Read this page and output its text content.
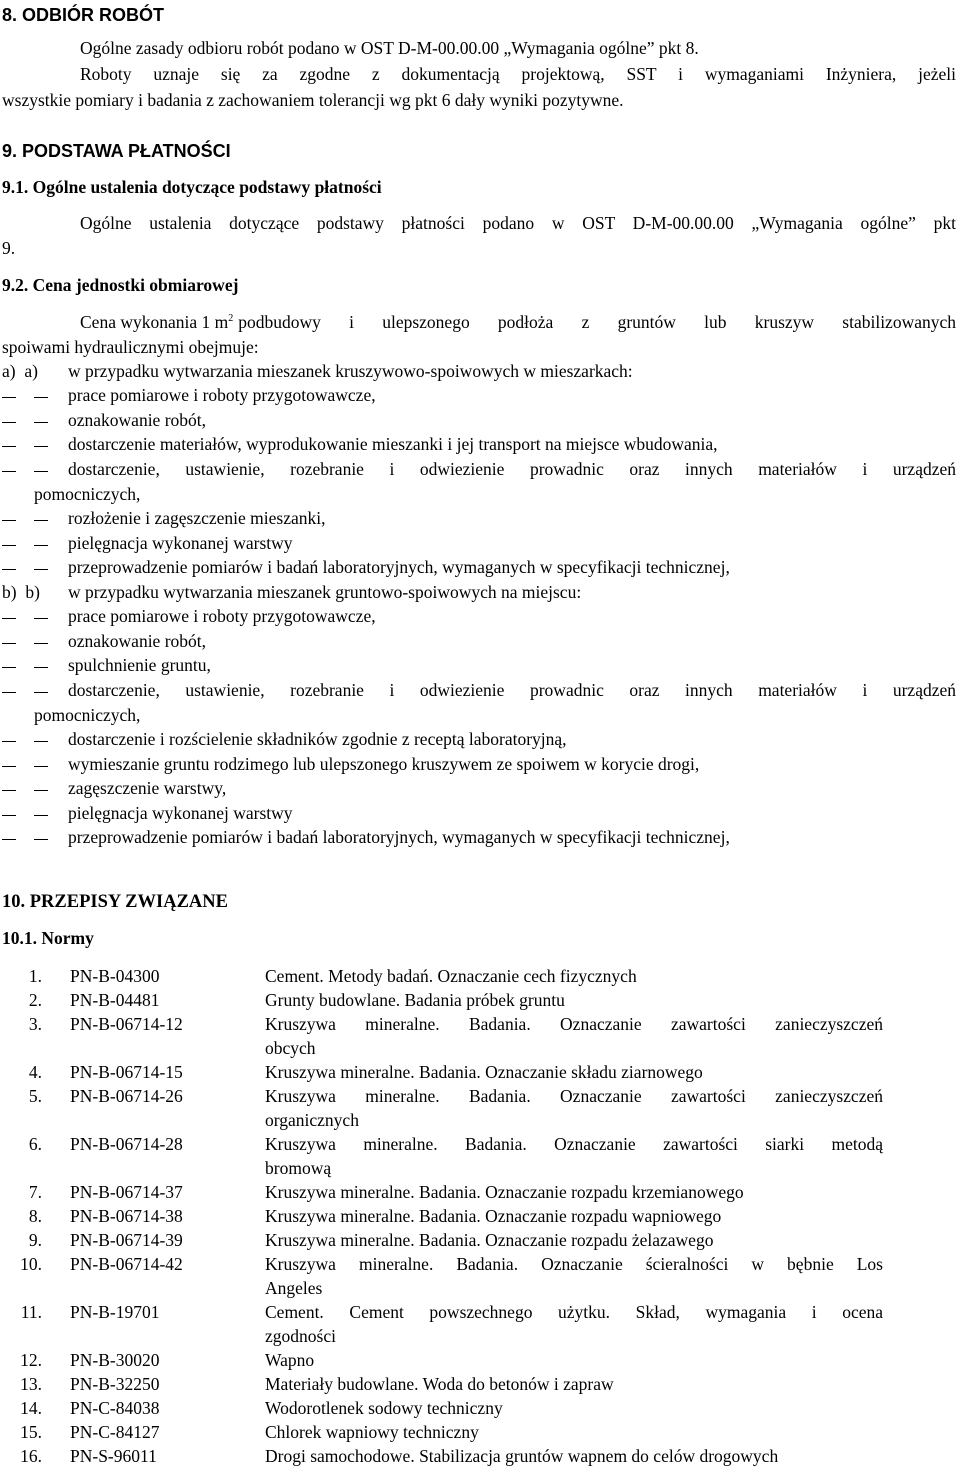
8. ODBIÓR ROBÓT
Ogólne zasady odbioru robót podano w OST D-M-00.00.00 „Wymagania ogólne” pkt 8.
Roboty uznaje się za zgodne z dokumentacją projektową, SST i wymaganiami Inżyniera, jeżeli
wszystkie pomiary i badania z zachowaniem tolerancji wg pkt 6 dały wyniki pozytywne.
9. PODSTAWA PŁATNOŚCI
9.1. Ogólne ustalenia dotyczące podstawy płatności
Ogólne ustalenia dotyczące podstawy płatności podano w OST D-M-00.00.00 „Wymagania ogólne” pkt
9.
9.2. Cena jednostki obmiarowej
Cena wykonania 1 $m^2$ podbudowy i ulepszonego podłoża z gruntów lub kruszyw stabilizowanych
spoiwami hydraulicznymi obejmuje:
a)  a) w przypadku wytwarzania mieszanek kruszywowo-spoiwowych w mieszarkach:
prace pomiarowe i roboty przygotowawcze,
oznakowanie robót,
dostarczenie materiałów, wyprodukowanie mieszanki i jej transport na miejsce wbudowania,
dostarczenie, ustawienie, rozebranie i odwiezienie prowadnic oraz innych materiałów i urządzeń
pomocniczych,
rozłożenie i zagęszczenie mieszanki,
pielęgnacja wykonanej warstwy
przeprowadzenie pomiarów i badań laboratoryjnych, wymaganych w specyfikacji technicznej,
b)  b) w przypadku wytwarzania mieszanek gruntowo-spoiwowych na miejscu:
prace pomiarowe i roboty przygotowawcze,
oznakowanie robót,
spulchnienie gruntu,
dostarczenie, ustawienie, rozebranie i odwiezienie prowadnic oraz innych materiałów i urządzeń
pomocniczych,
dostarczenie i rozścielenie składników zgodnie z receptą laboratoryjną,
wymieszanie gruntu rodzimego lub ulepszonego kruszywem ze spoiwem w korycie drogi,
zagęszczenie warstwy,
pielęgnacja wykonanej warstwy
przeprowadzenie pomiarów i badań laboratoryjnych, wymaganych w specyfikacji technicznej,
10. PRZEPISY ZWIĄZANE
10.1. Normy
1.	PN-B-04300	Cement. Metody badań. Oznaczanie cech fizycznych

2.	PN-B-04481	Grunty budowlane. Badania próbek gruntu

3.	PN-B-06714-12	Kruszywa mineralne. Badania. Oznaczanie zawartości zanieczyszczeń
obcych

4.	PN-B-06714-15	Kruszywa mineralne. Badania. Oznaczanie składu ziarnowego

5.	PN-B-06714-26	Kruszywa mineralne. Badania. Oznaczanie zawartości zanieczyszczeń
organicznych

6.	PN-B-06714-28	Kruszywa mineralne. Badania. Oznaczanie zawartości siarki metodą
bromową

7.	PN-B-06714-37	Kruszywa mineralne. Badania. Oznaczanie rozpadu krzemianowego

8.	PN-B-06714-38	Kruszywa mineralne. Badania. Oznaczanie rozpadu wapniowego

9.	PN-B-06714-39	Kruszywa mineralne. Badania. Oznaczanie rozpadu żelazawego

10.	PN-B-06714-42	Kruszywa mineralne. Badania. Oznaczanie ścieralności w bębnie Los
Angeles

11.	PN-B-19701	Cement. Cement powszechnego użytku. Skład, wymagania i ocena
zgodności

12.	PN-B-30020	Wapno

13.	PN-B-32250	Materiały budowlane. Woda do betonów i zapraw

14.	PN-C-84038	Wodorotlenek sodowy techniczny

15.	PN-C-84127	Chlorek wapniowy techniczny

16.	PN-S-96011	Drogi samochodowe. Stabilizacja gruntów wapnem do celów drogowych
